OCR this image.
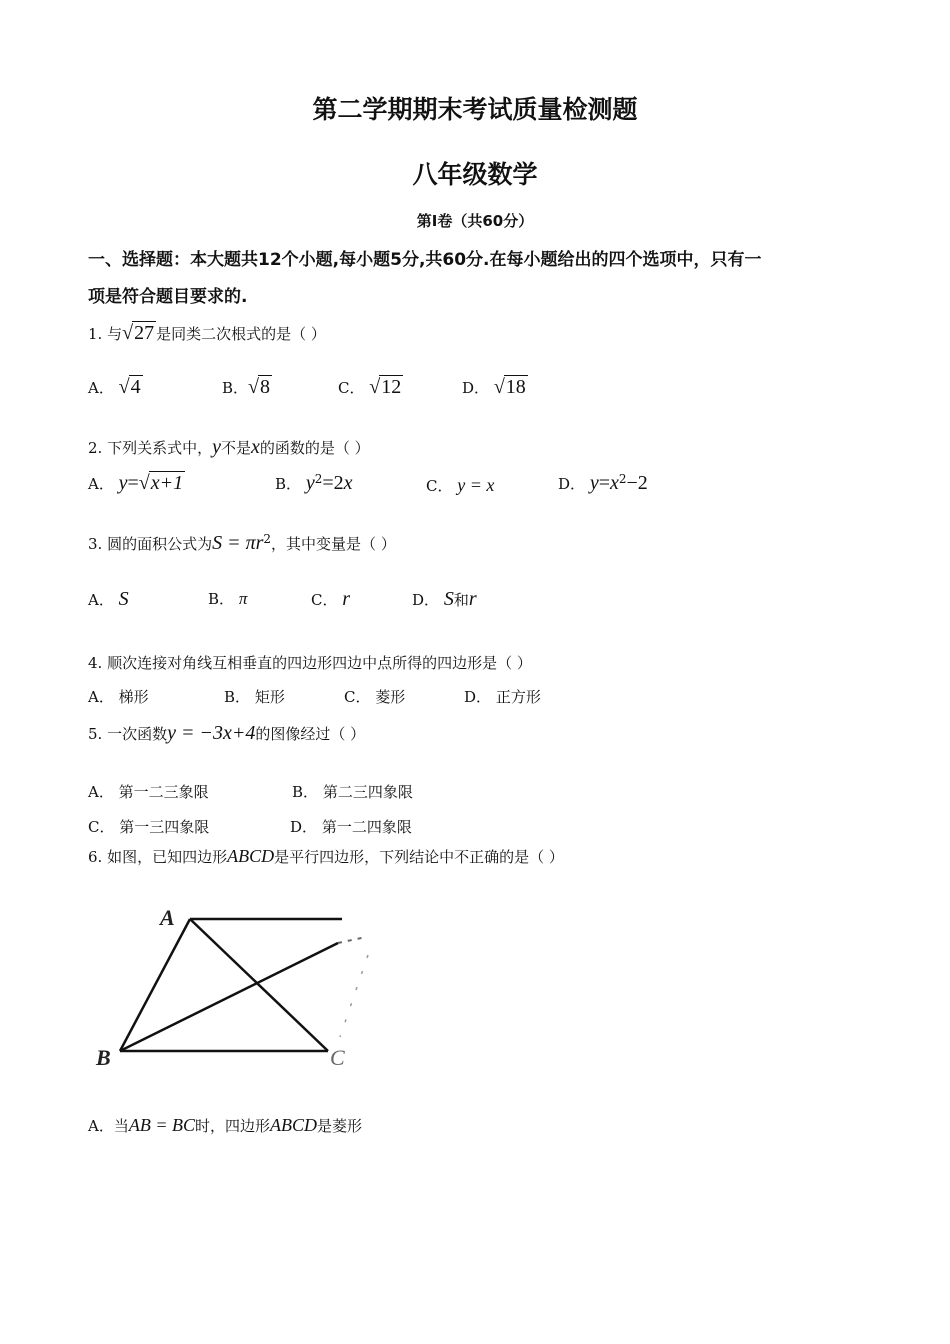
第二学期期末考试质量检测题
八年级数学
第Ⅰ卷（共60分）
一、选择题：本大题共12个小题,每小题5分,共60分.在每小题给出的四个选项中，只有一
项是符合题目要求的.
1. 与√27 是同类二次根式的是（ ）
A． √4	B．√8	C． √12	D． √18
2. 下列关系式中，y不是x的函数的是（ ）
A． y=√x+1	B． $y^2=2x$	C． y = x	D． $y=x^2-2$
3. 圆的面积公式为$S = \pi r^2$，其中变量是（ ）
A． S	B． π	C． r	D． S和r
4. 顺次连接对角线互相垂直的四边形四边中点所得的四边形是（ ）
A． 梯形	B． 矩形	C． 菱形	D． 正方形
5. 一次函数y = −3x+4的图像经过（ ）
A． 第一二三象限	B． 第二三四象限
C． 第一三四象限	D． 第一二四象限
6. 如图，已知四边形ABCD是平行四边形，下列结论中不正确的是（ ）
A
B	C
A．当AB = BC时，四边形ABCD是菱形
